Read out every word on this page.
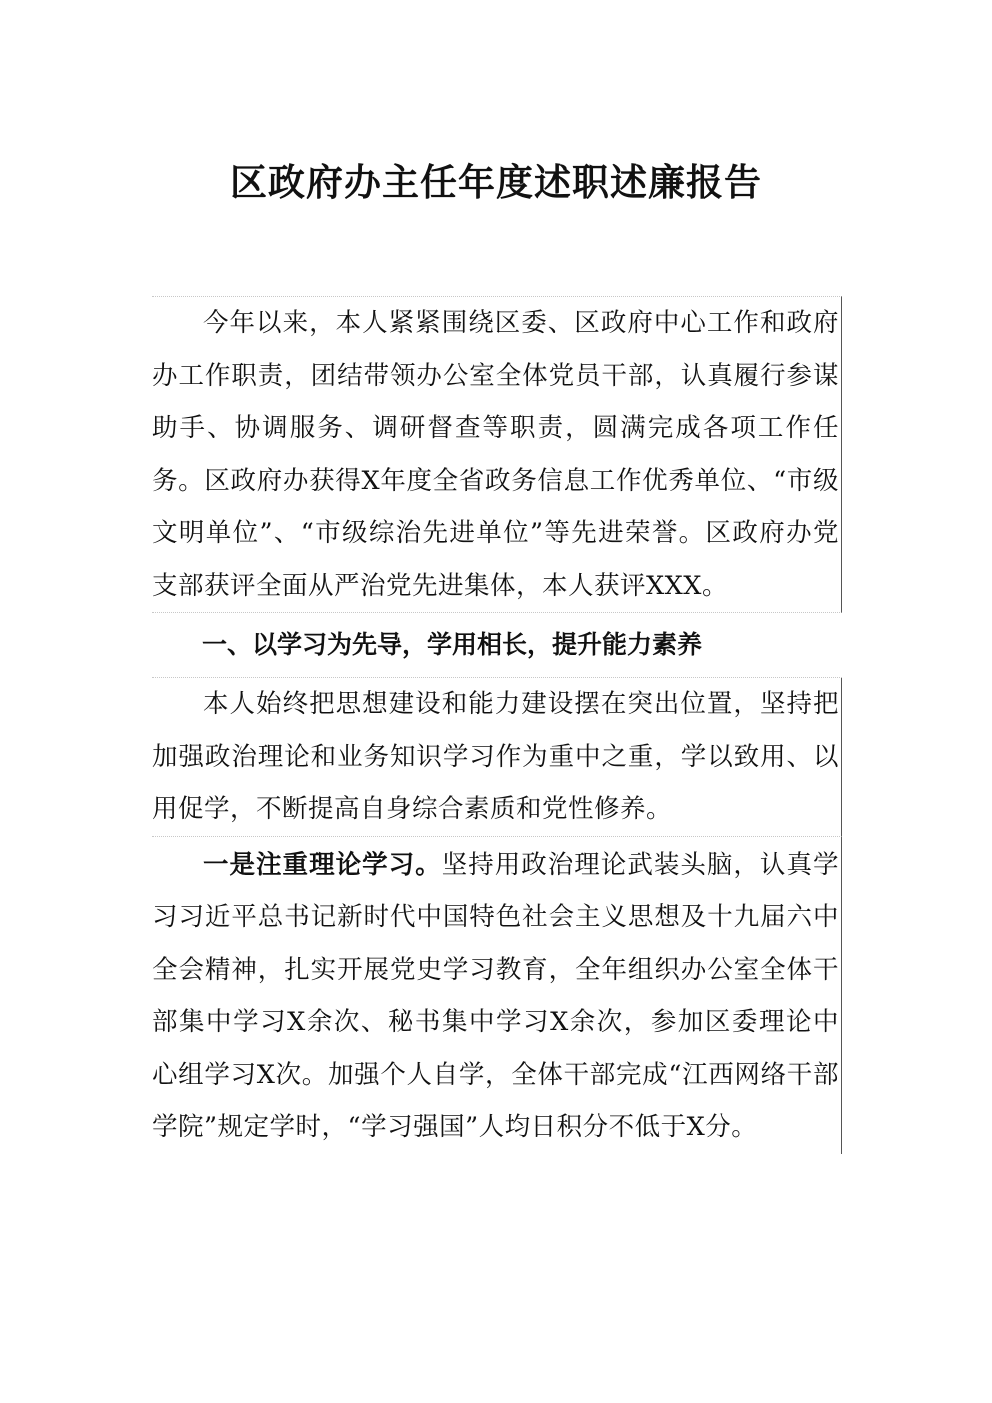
区政府办主任年度述职述廉报告

今年以来，本人紧紧围绕区委、区政府中心工作和政府办工作职责，团结带领办公室全体党员干部，认真履行参谋助手、协调服务、调研督查等职责，圆满完成各项工作任务。区政府办获得X年度全省政务信息工作优秀单位、“市级文明单位”、“市级综治先进单位”等先进荣誉。区政府办党支部获评全面从严治党先进集体，本人获评XXX。

一、以学习为先导，学用相长，提升能力素养

本人始终把思想建设和能力建设摆在突出位置，坚持把加强政治理论和业务知识学习作为重中之重，学以致用、以用促学，不断提高自身综合素质和党性修养。

一是注重理论学习。坚持用政治理论武装头脑，认真学习习近平总书记新时代中国特色社会主义思想及十九届六中全会精神，扎实开展党史学习教育，全年组织办公室全体干部集中学习X余次、秘书集中学习X余次，参加区委理论中心组学习X次。加强个人自学，全体干部完成“江西网络干部学院”规定学时，“学习强国”人均日积分不低于X分。
